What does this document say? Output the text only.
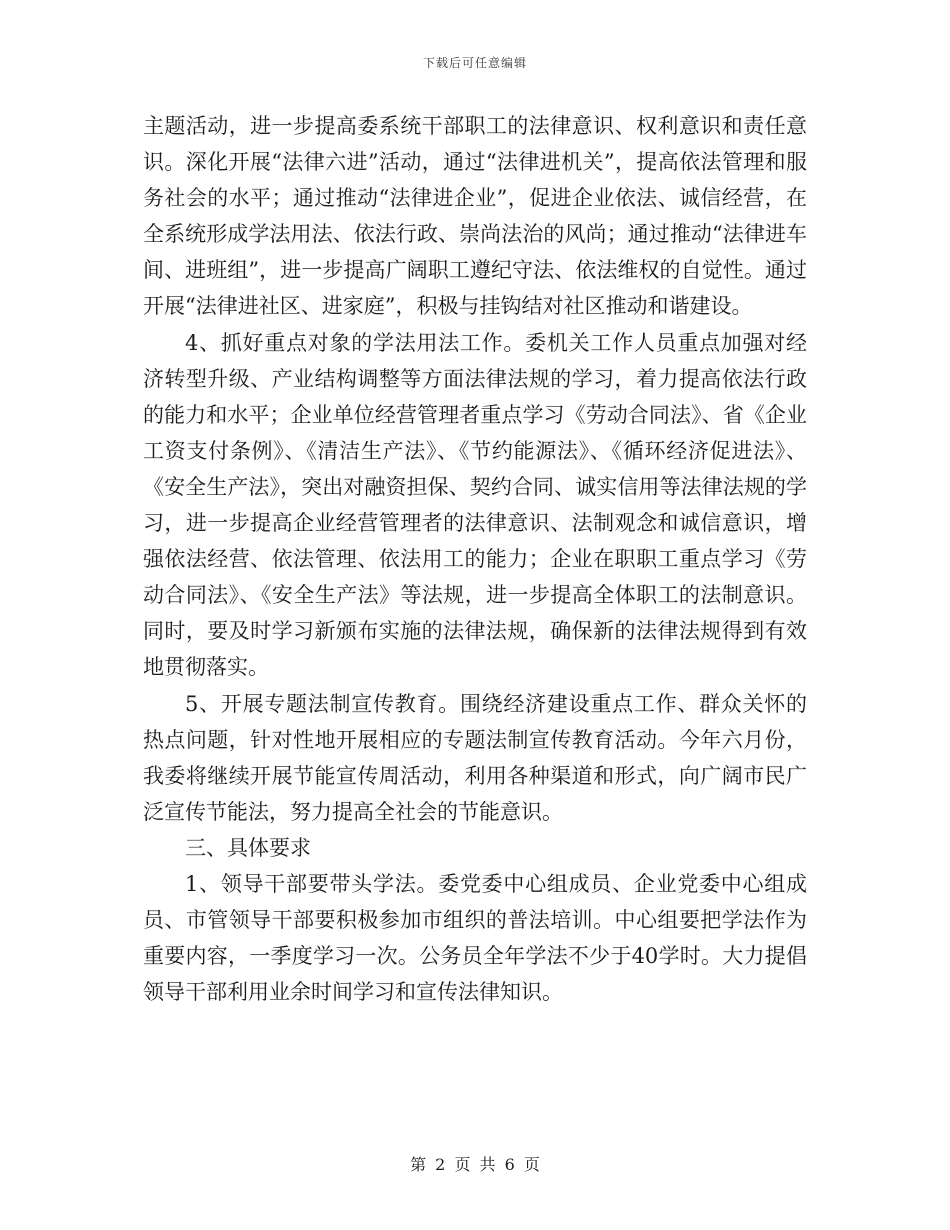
下载后可任意编辑

主题活动，进一步提高委系统干部职工的法律意识、权利意识和责任意识。深化开展“法律六进”活动，通过“法律进机关”，提高依法管理和服务社会的水平；通过推动“法律进企业”，促进企业依法、诚信经营，在全系统形成学法用法、依法行政、崇尚法治的风尚；通过推动“法律进车间、进班组”，进一步提高广阔职工遵纪守法、依法维权的自觉性。通过开展“法律进社区、进家庭”，积极与挂钩结对社区推动和谐建设。

4、抓好重点对象的学法用法工作。委机关工作人员重点加强对经济转型升级、产业结构调整等方面法律法规的学习，着力提高依法行政的能力和水平；企业单位经营管理者重点学习《劳动合同法》、省《企业工资支付条例》、《清洁生产法》、《节约能源法》、《循环经济促进法》、《安全生产法》，突出对融资担保、契约合同、诚实信用等法律法规的学习，进一步提高企业经营管理者的法律意识、法制观念和诚信意识，增强依法经营、依法管理、依法用工的能力；企业在职职工重点学习《劳动合同法》、《安全生产法》等法规，进一步提高全体职工的法制意识。同时，要及时学习新颁布实施的法律法规，确保新的法律法规得到有效地贯彻落实。

5、开展专题法制宣传教育。围绕经济建设重点工作、群众关怀的热点问题，针对性地开展相应的专题法制宣传教育活动。今年六月份，我委将继续开展节能宣传周活动，利用各种渠道和形式，向广阔市民广泛宣传节能法，努力提高全社会的节能意识。

三、具体要求

1、领导干部要带头学法。委党委中心组成员、企业党委中心组成员、市管领导干部要积极参加市组织的普法培训。中心组要把学法作为重要内容，一季度学习一次。公务员全年学法不少于40学时。大力提倡领导干部利用业余时间学习和宣传法律知识。

第 2 页 共 6 页
